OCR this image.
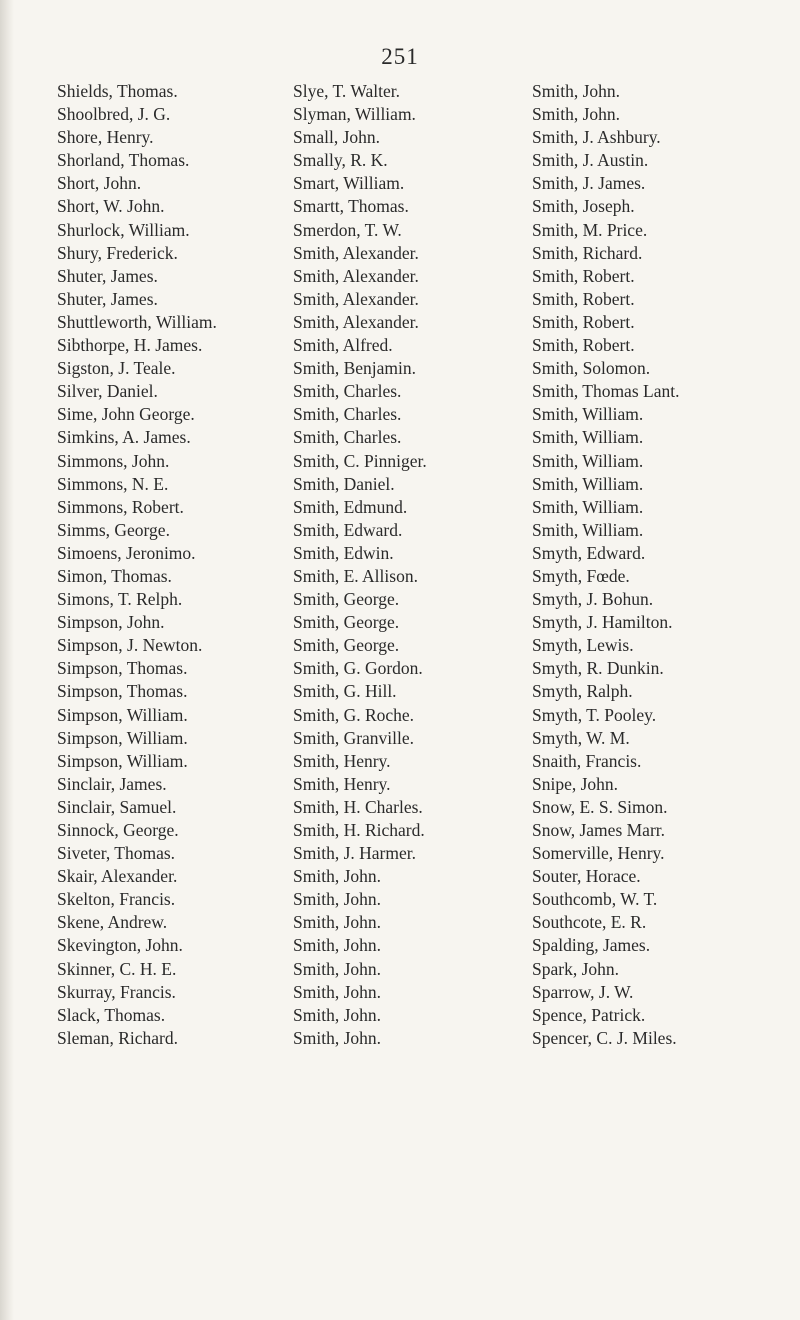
251
Shields, Thomas.
Shoolbred, J. G.
Shore, Henry.
Shorland, Thomas.
Short, John.
Short, W. John.
Shurlock, William.
Shury, Frederick.
Shuter, James.
Shuter, James.
Shuttleworth, William.
Sibthorpe, H. James.
Sigston, J. Teale.
Silver, Daniel.
Sime, John George.
Simkins, A. James.
Simmons, John.
Simmons, N. E.
Simmons, Robert.
Simms, George.
Simoens, Jeronimo.
Simon, Thomas.
Simons, T. Relph.
Simpson, John.
Simpson, J. Newton.
Simpson, Thomas.
Simpson, Thomas.
Simpson, William.
Simpson, William.
Simpson, William.
Sinclair, James.
Sinclair, Samuel.
Sinnock, George.
Siveter, Thomas.
Skair, Alexander.
Skelton, Francis.
Skene, Andrew.
Skevington, John.
Skinner, C. H. E.
Skurray, Francis.
Slack, Thomas.
Sleman, Richard.
Slye, T. Walter.
Slyman, William.
Small, John.
Smally, R. K.
Smart, William.
Smartt, Thomas.
Smerdon, T. W.
Smith, Alexander.
Smith, Alexander.
Smith, Alexander.
Smith, Alexander.
Smith, Alfred.
Smith, Benjamin.
Smith, Charles.
Smith, Charles.
Smith, Charles.
Smith, C. Pinniger.
Smith, Daniel.
Smith, Edmund.
Smith, Edward.
Smith, Edwin.
Smith, E. Allison.
Smith, George.
Smith, George.
Smith, George.
Smith, G. Gordon.
Smith, G. Hill.
Smith, G. Roche.
Smith, Granville.
Smith, Henry.
Smith, Henry.
Smith, H. Charles.
Smith, H. Richard.
Smith, J. Harmer.
Smith, John.
Smith, John.
Smith, John.
Smith, John.
Smith, John.
Smith, John.
Smith, John.
Smith, John.
Smith, John.
Smith, John.
Smith, J. Ashbury.
Smith, J. Austin.
Smith, J. James.
Smith, Joseph.
Smith, M. Price.
Smith, Richard.
Smith, Robert.
Smith, Robert.
Smith, Robert.
Smith, Robert.
Smith, Solomon.
Smith, Thomas Lant.
Smith, William.
Smith, William.
Smith, William.
Smith, William.
Smith, William.
Smith, William.
Smyth, Edward.
Smyth, Fœde.
Smyth, J. Bohun.
Smyth, J. Hamilton.
Smyth, Lewis.
Smyth, R. Dunkin.
Smyth, Ralph.
Smyth, T. Pooley.
Smyth, W. M.
Snaith, Francis.
Snipe, John.
Snow, E. S. Simon.
Snow, James Marr.
Somerville, Henry.
Souter, Horace.
Southcomb, W. T.
Southcote, E. R.
Spalding, James.
Spark, John.
Sparrow, J. W.
Spence, Patrick.
Spencer, C. J. Miles.
